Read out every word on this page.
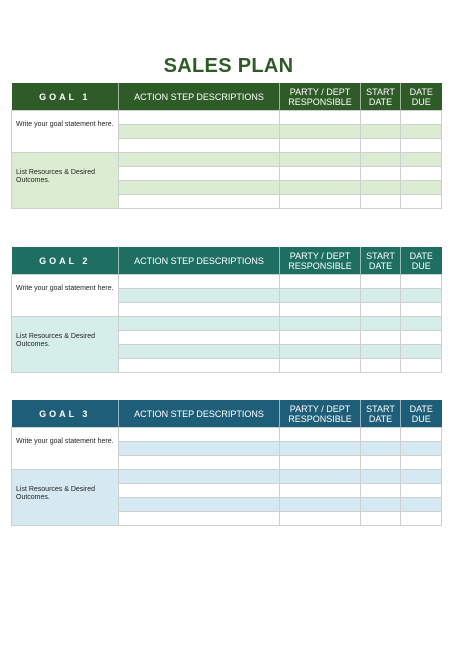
SALES PLAN
GOAL 1	ACTION STEP DESCRIPTIONS	PARTY / DEPT RESPONSIBLE	START DATE	DATE DUE
Write your goal statement here.				

List Resources & Desired Outcomes.				

GOAL 2	ACTION STEP DESCRIPTIONS	PARTY / DEPT RESPONSIBLE	START DATE	DATE DUE
Write your goal statement here.				

List Resources & Desired Outcomes.				

GOAL 3	ACTION STEP DESCRIPTIONS	PARTY / DEPT RESPONSIBLE	START DATE	DATE DUE
Write your goal statement here.				

List Resources & Desired Outcomes.				
